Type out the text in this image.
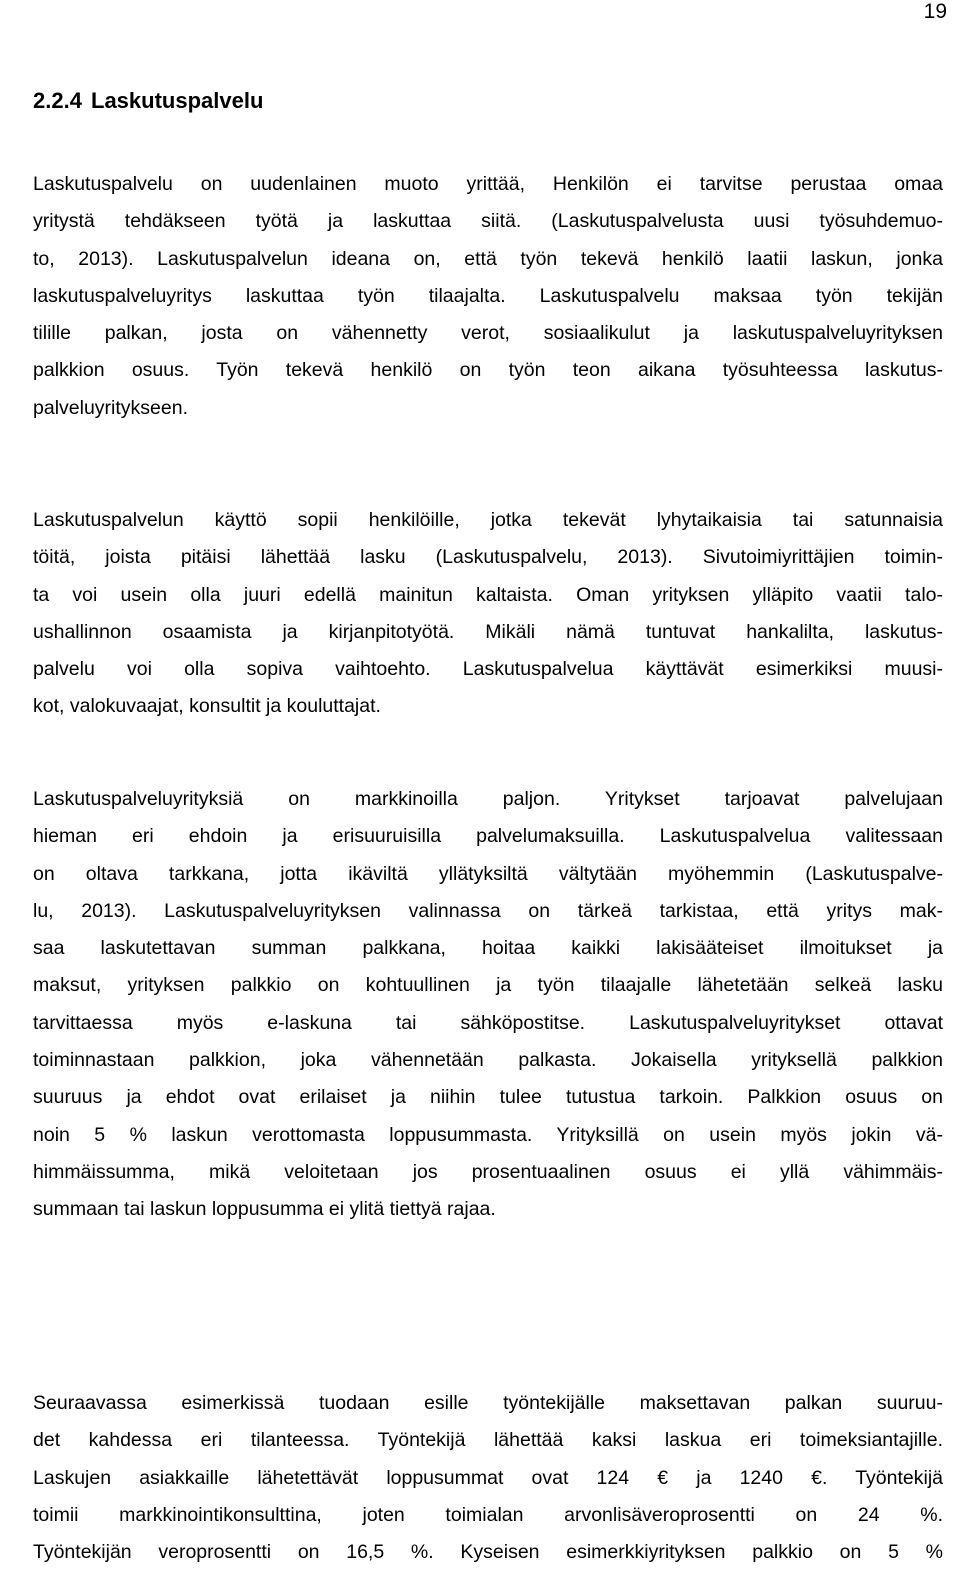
19
2.2.4 Laskutuspalvelu
Laskutuspalvelu on uudenlainen muoto yrittää, Henkilön ei tarvitse perustaa omaa
yritystä tehdäkseen työtä ja laskuttaa siitä. (Laskutuspalvelusta uusi työsuhdemuo-
to, 2013). Laskutuspalvelun ideana on, että työn tekevä henkilö laatii laskun, jonka
laskutuspalveluyritys laskuttaa työn tilaajalta. Laskutuspalvelu maksaa työn tekijän
tilille palkan, josta on vähennetty verot, sosiaalikulut ja laskutuspalveluyrityksen
palkkion osuus. Työn tekevä henkilö on työn teon aikana työsuhteessa laskutus-
palveluyritykseen.
Laskutuspalvelun käyttö sopii henkilöille, jotka tekevät lyhytaikaisia tai satunnaisia
töitä, joista pitäisi lähettää lasku (Laskutuspalvelu, 2013). Sivutoimiyrittäjien toimin-
ta voi usein olla juuri edellä mainitun kaltaista. Oman yrityksen ylläpito vaatii talo-
ushallinnon osaamista ja kirjanpitotyötä. Mikäli nämä tuntuvat hankalilta, laskutus-
palvelu voi olla sopiva vaihtoehto. Laskutuspalvelua käyttävät esimerkiksi muusi-
kot, valokuvaajat, konsultit ja kouluttajat.
Laskutuspalveluyrityksiä on markkinoilla paljon. Yritykset tarjoavat palvelujaan
hieman eri ehdoin ja erisuuruisilla palvelumaksuilla. Laskutuspalvelua valitessaan
on oltava tarkkana, jotta ikäviltä yllätyksiltä vältytään myöhemmin (Laskutuspalve-
lu, 2013). Laskutuspalveluyrityksen valinnassa on tärkeä tarkistaa, että yritys mak-
saa laskutettavan summan palkkana, hoitaa kaikki lakisääteiset ilmoitukset ja
maksut, yrityksen palkkio on kohtuullinen ja työn tilaajalle lähetetään selkeä lasku
tarvittaessa myös e-laskuna tai sähköpostitse. Laskutuspalveluyritykset ottavat
toiminnastaan palkkion, joka vähennetään palkasta. Jokaisella yrityksellä palkkion
suuruus ja ehdot ovat erilaiset ja niihin tulee tutustua tarkoin. Palkkion osuus on
noin 5 % laskun verottomasta loppusummasta. Yrityksillä on usein myös jokin vä-
himmäissumma, mikä veloitetaan jos prosentuaalinen osuus ei yllä vähimmäis-
summaan tai laskun loppusumma ei ylitä tiettyä rajaa.
Seuraavassa esimerkissä tuodaan esille työntekijälle maksettavan palkan suuruu-
det kahdessa eri tilanteessa. Työntekijä lähettää kaksi laskua eri toimeksiantajille.
Laskujen asiakkaille lähetettävät loppusummat ovat 124 € ja 1240 €. Työntekijä
toimii markkinointikonsulttina, joten toimialan arvonlisäveroprosentti on 24 %.
Työntekijän veroprosentti on 16,5 %. Kyseisen esimerkkiyrityksen palkkio on 5 %
